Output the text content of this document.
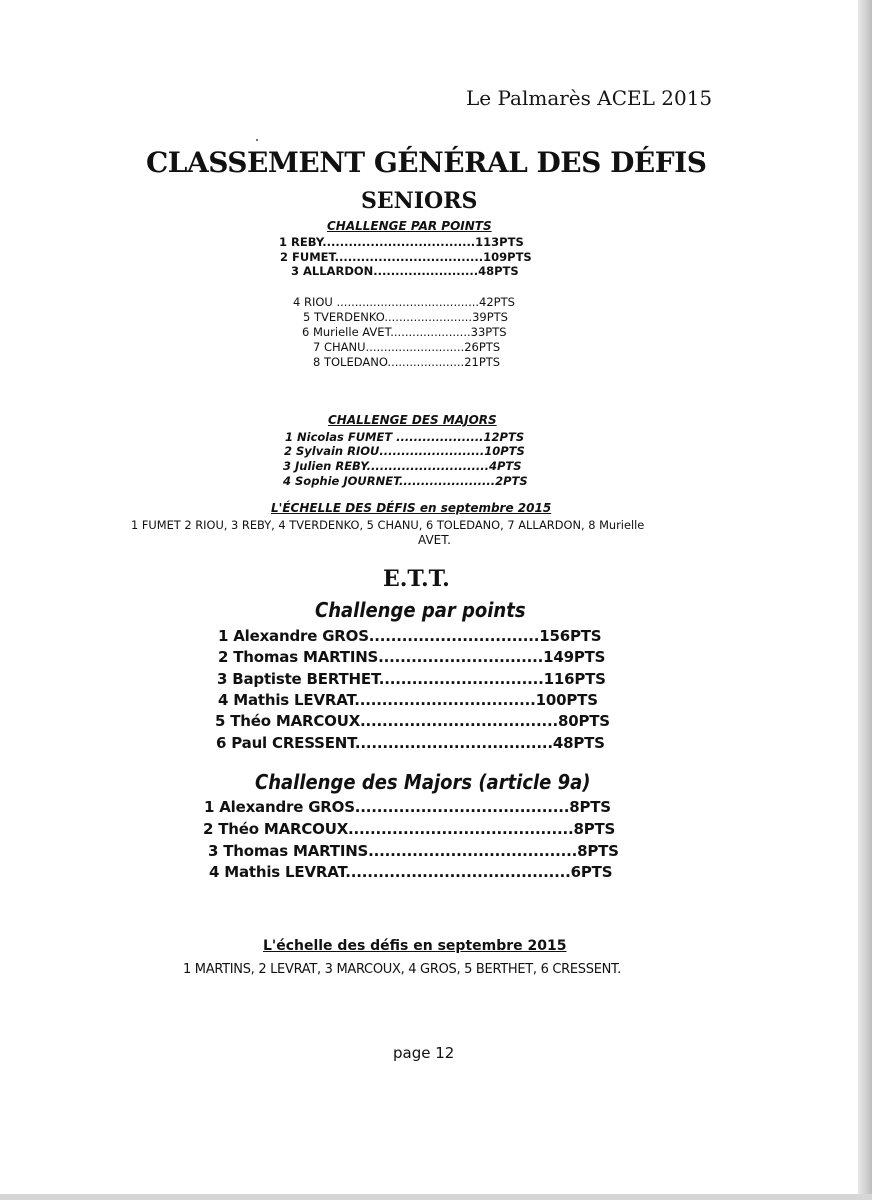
Le Palmarès ACEL 2015
CLASSEMENT GÉNÉRAL DES DÉFIS
SENIORS
CHALLENGE PAR POINTS
1 REBY...................................113PTS
2 FUMET..................................109PTS
3 ALLARDON........................48PTS
4 RIOU .......................................42PTS
5 TVERDENKO........................39PTS
6 Murielle AVET......................33PTS
7 CHANU...........................26PTS
8 TOLEDANO.....................21PTS
CHALLENGE DES MAJORS
1 Nicolas FUMET ....................12PTS
2 Sylvain RIOU........................10PTS
3 Julien REBY............................4PTS
4 Sophie JOURNET......................2PTS
L'ÉCHELLE DES DÉFIS en septembre 2015
1 FUMET 2 RIOU, 3 REBY, 4 TVERDENKO, 5 CHANU, 6 TOLEDANO, 7 ALLARDON, 8 Murielle
AVET.
E.T.T.
Challenge par points
1 Alexandre GROS...............................156PTS
2 Thomas MARTINS..............................149PTS
3 Baptiste BERTHET..............................116PTS
4 Mathis LEVRAT.................................100PTS
5 Théo MARCOUX....................................80PTS
6 Paul CRESSENT....................................48PTS
Challenge des Majors (article 9a)
1 Alexandre GROS.......................................8PTS
2 Théo MARCOUX.........................................8PTS
3 Thomas MARTINS......................................8PTS
4 Mathis LEVRAT.........................................6PTS
L'échelle des défis en septembre 2015
1 MARTINS, 2 LEVRAT, 3 MARCOUX, 4 GROS, 5 BERTHET, 6 CRESSENT.
page 12
